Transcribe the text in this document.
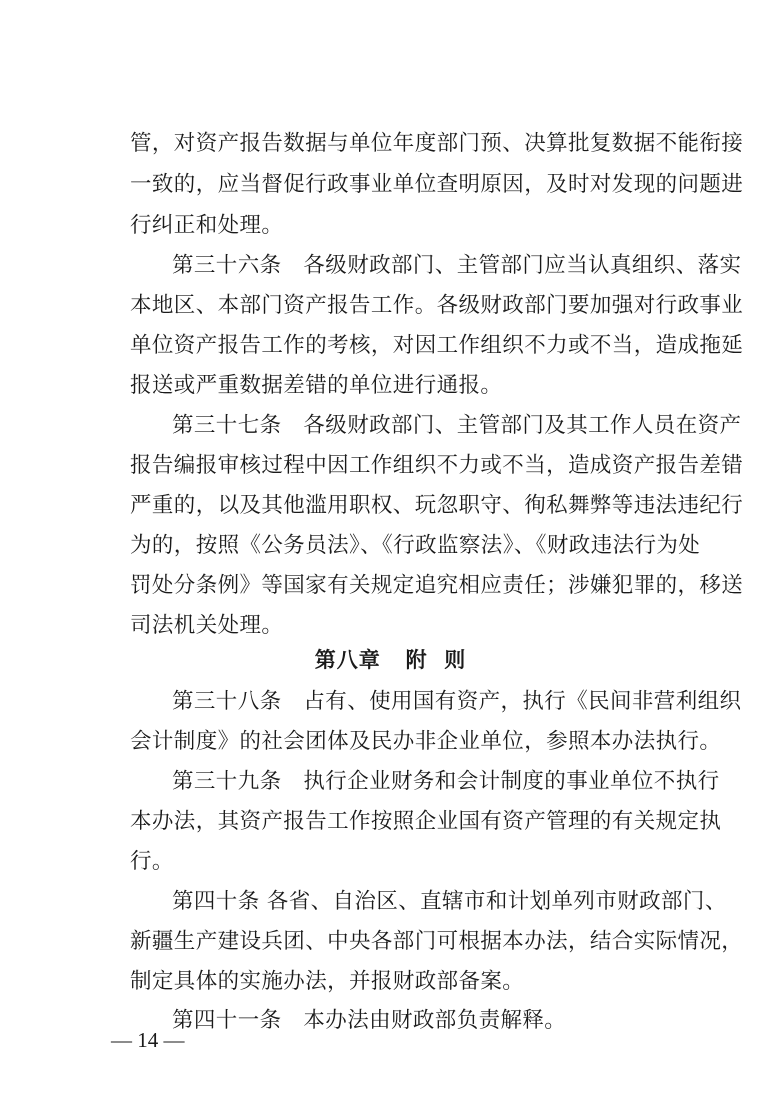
管，对资产报告数据与单位年度部门预、决算批复数据不能衔接
一致的，应当督促行政事业单位查明原因，及时对发现的问题进
行纠正和处理。
第三十六条　各级财政部门、主管部门应当认真组织、落实
本地区、本部门资产报告工作。各级财政部门要加强对行政事业
单位资产报告工作的考核，对因工作组织不力或不当，造成拖延
报送或严重数据差错的单位进行通报。
第三十七条　各级财政部门、主管部门及其工作人员在资产
报告编报审核过程中因工作组织不力或不当，造成资产报告差错
严重的，以及其他滥用职权、玩忽职守、徇私舞弊等违法违纪行
为的，按照《公务员法》、《行政监察法》、《财政违法行为处
罚处分条例》等国家有关规定追究相应责任；涉嫌犯罪的，移送
司法机关处理。
第八章   附  则
第三十八条　占有、使用国有资产，执行《民间非营利组织
会计制度》的社会团体及民办非企业单位，参照本办法执行。
第三十九条　执行企业财务和会计制度的事业单位不执行
本办法，其资产报告工作按照企业国有资产管理的有关规定执
行。
第四十条 各省、自治区、直辖市和计划单列市财政部门、
新疆生产建设兵团、中央各部门可根据本办法，结合实际情况，
制定具体的实施办法，并报财政部备案。
第四十一条　本办法由财政部负责解释。
— 14 —
